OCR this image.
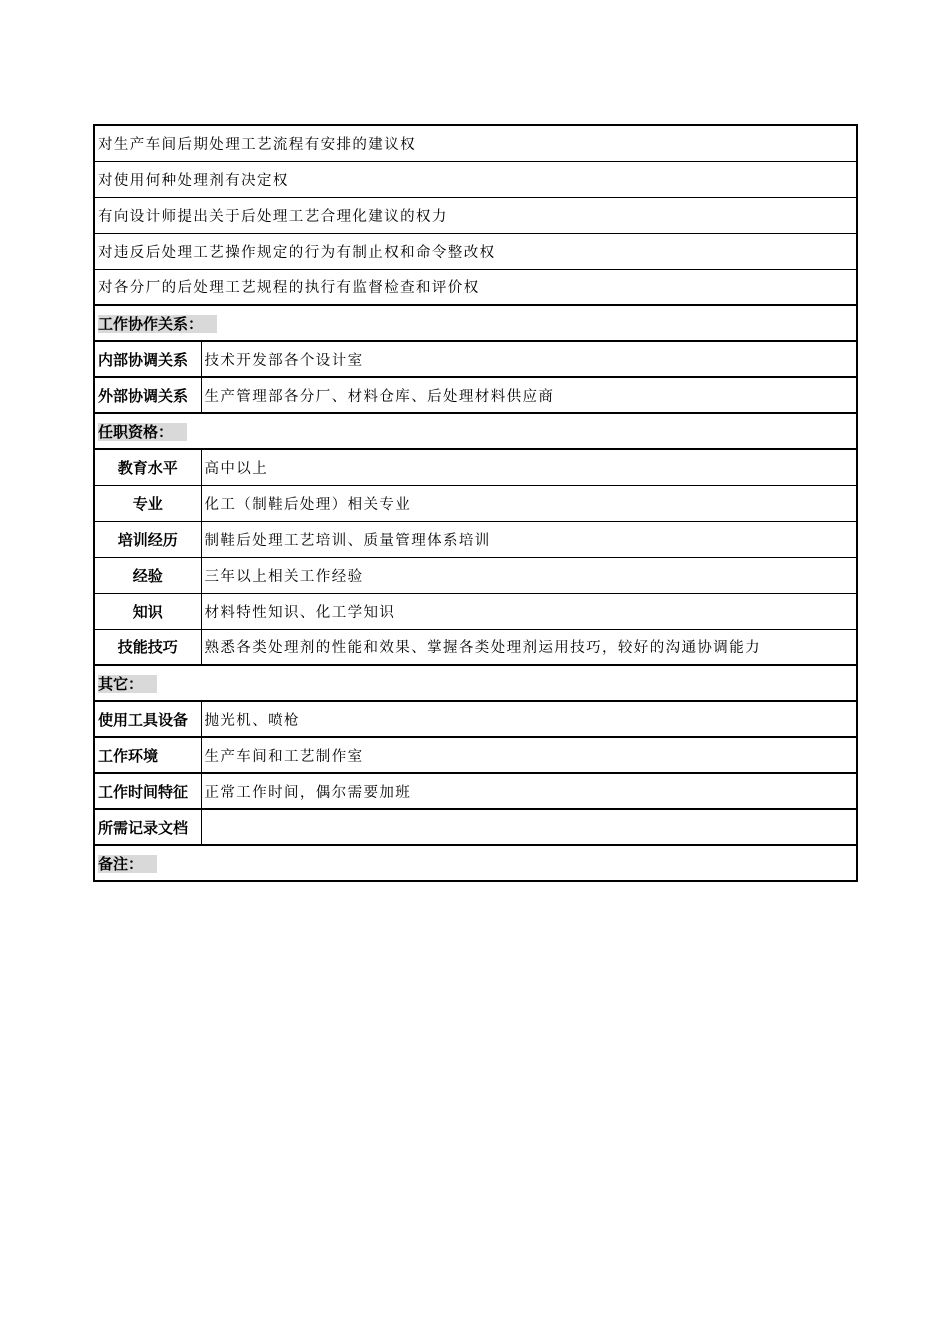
对生产车间后期处理工艺流程有安排的建议权	
对使用何种处理剂有决定权	
有向设计师提出关于后处理工艺合理化建议的权力	
对违反后处理工艺操作规定的行为有制止权和命令整改权	
对各分厂的后处理工艺规程的执行有监督检查和评价权	
工作协作关系：	
内部协调关系	技术开发部各个设计室
外部协调关系	生产管理部各分厂、材料仓库、后处理材料供应商
任职资格：	
教育水平	高中以上
专业	化工（制鞋后处理）相关专业
培训经历	制鞋后处理工艺培训、质量管理体系培训
经验	三年以上相关工作经验
知识	材料特性知识、化工学知识
技能技巧	熟悉各类处理剂的性能和效果、掌握各类处理剂运用技巧，较好的沟通协调能力
其它：	
使用工具设备	抛光机、喷枪
工作环境	生产车间和工艺制作室
工作时间特征	正常工作时间，偶尔需要加班
所需记录文档	
备注：	
